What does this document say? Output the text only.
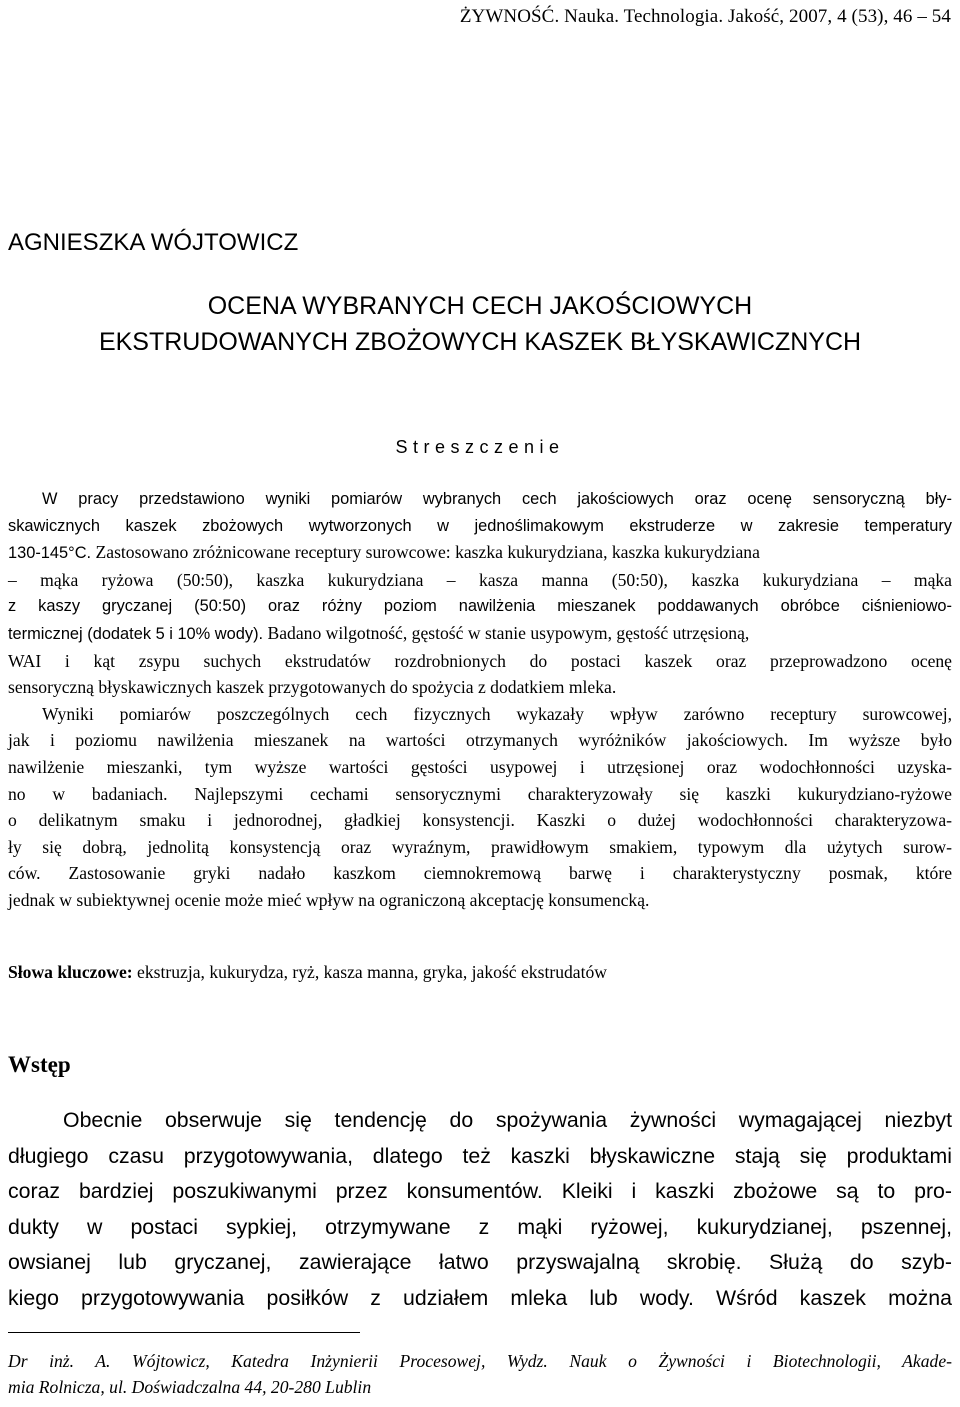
ŻYWNOŚĆ. Nauka. Technologia. Jakość, 2007, 4 (53), 46 – 54
AGNIESZKA WÓJTOWICZ
OCENA WYBRANYCH CECH JAKOŚCIOWYCH
EKSTRUDOWANYCH ZBOŻOWYCH KASZEK BŁYSKAWICZNYCH
Streszczenie
W pracy przedstawiono wyniki pomiarów wybranych cech jakościowych oraz ocenę sensoryczną bły-
skawicznych kaszek zbożowych wytworzonych w jednoślimakowym ekstruderze w zakresie temperatury
130-145°C. Zastosowano zróżnicowane receptury surowcowe: kaszka kukurydziana, kaszka kukurydziana
– mąka ryżowa (50:50), kaszka kukurydziana – kasza manna (50:50), kaszka kukurydziana – mąka
z kaszy gryczanej (50:50) oraz różny poziom nawilżenia mieszanek poddawanych obróbce ciśnieniowo-
termicznej (dodatek 5 i 10% wody). Badano wilgotność, gęstość w stanie usypowym, gęstość utrzęsioną,
WAI i kąt zsypu suchych ekstrudatów rozdrobnionych do postaci kaszek oraz przeprowadzono ocenę
sensoryczną błyskawicznych kaszek przygotowanych do spożycia z dodatkiem mleka.
Wyniki pomiarów poszczególnych cech fizycznych wykazały wpływ zarówno receptury surowcowej,
jak i poziomu nawilżenia mieszanek na wartości otrzymanych wyróżników jakościowych. Im wyższe było
nawilżenie mieszanki, tym wyższe wartości gęstości usypowej i utrzęsionej oraz wodochłonności uzyska-
no w badaniach. Najlepszymi cechami sensorycznymi charakteryzowały się kaszki kukurydziano-ryżowe
o delikatnym smaku i jednorodnej, gładkiej konsystencji. Kaszki o dużej wodochłonności charakteryzowa-
ły się dobrą, jednolitą konsystencją oraz wyraźnym, prawidłowym smakiem, typowym dla użytych surow-
ców. Zastosowanie gryki nadało kaszkom ciemnokremową barwę i charakterystyczny posmak, które
jednak w subiektywnej ocenie może mieć wpływ na ograniczoną akceptację konsumencką.
Słowa kluczowe: ekstruzja, kukurydza, ryż, kasza manna, gryka, jakość ekstrudatów
Wstęp
Obecnie obserwuje się tendencję do spożywania żywności wymagającej niezbyt
długiego czasu przygotowywania, dlatego też kaszki błyskawiczne stają się produktami
coraz bardziej poszukiwanymi przez konsumentów. Kleiki i kaszki zbożowe są to pro-
dukty w postaci sypkiej, otrzymywane z mąki ryżowej, kukurydzianej, pszennej,
owsianej lub gryczanej, zawierające łatwo przyswajalną skrobię. Służą do szyb-
kiego przygotowywania posiłków z udziałem mleka lub wody. Wśród kaszek można
Dr inż. A. Wójtowicz, Katedra Inżynierii Procesowej, Wydz. Nauk o Żywności i Biotechnologii, Akade-
mia Rolnicza, ul. Doświadczalna 44, 20-280 Lublin
